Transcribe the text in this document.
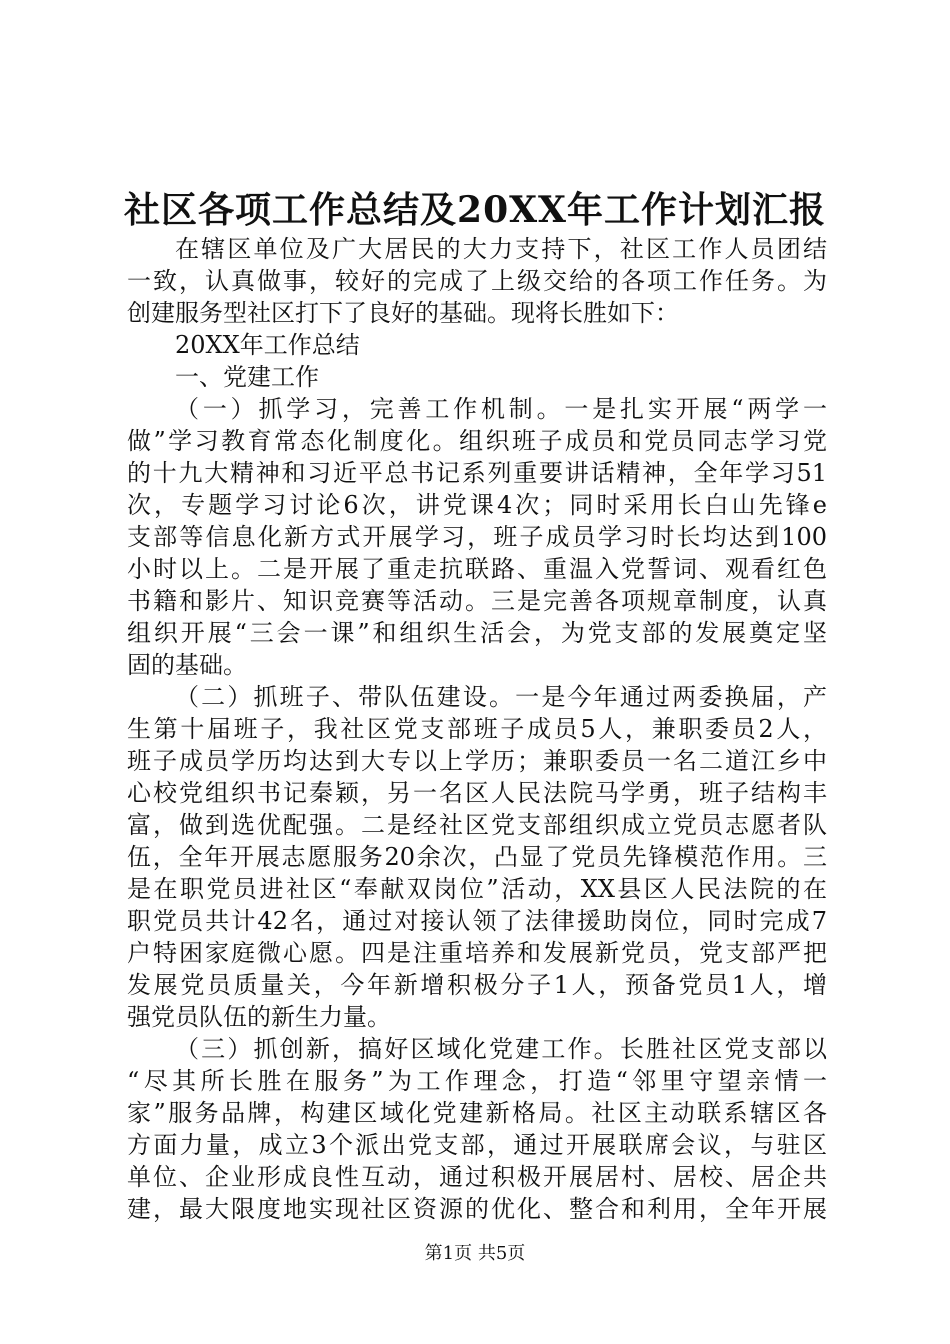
社区各项工作总结及20XX年工作计划汇报

在辖区单位及广大居民的大力支持下，社区工作人员团结

一致，认真做事，较好的完成了上级交给的各项工作任务。为

创建服务型社区打下了良好的基础。现将长胜如下：

20XX年工作总结

一、党建工作

（一）抓学习，完善工作机制。一是扎实开展“两学一

做”学习教育常态化制度化。组织班子成员和党员同志学习党

的十九大精神和习近平总书记系列重要讲话精神，全年学习51

次，专题学习讨论6次，讲党课4次；同时采用长白山先锋e

支部等信息化新方式开展学习，班子成员学习时长均达到100

小时以上。二是开展了重走抗联路、重温入党誓词、观看红色

书籍和影片、知识竞赛等活动。三是完善各项规章制度，认真

组织开展“三会一课”和组织生活会，为党支部的发展奠定坚

固的基础。

（二）抓班子、带队伍建设。一是今年通过两委换届，产

生第十届班子，我社区党支部班子成员5人，兼职委员2人，

班子成员学历均达到大专以上学历；兼职委员一名二道江乡中

心校党组织书记秦颖，另一名区人民法院马学勇，班子结构丰

富，做到选优配强。二是经社区党支部组织成立党员志愿者队

伍，全年开展志愿服务20余次，凸显了党员先锋模范作用。三

是在职党员进社区“奉献双岗位”活动，XX县区人民法院的在

职党员共计42名，通过对接认领了法律援助岗位，同时完成7

户特困家庭微心愿。四是注重培养和发展新党员，党支部严把

发展党员质量关，今年新增积极分子1人，预备党员1人，增

强党员队伍的新生力量。

（三）抓创新，搞好区域化党建工作。长胜社区党支部以

“尽其所长胜在服务”为工作理念，打造“邻里守望亲情一

家”服务品牌，构建区域化党建新格局。社区主动联系辖区各

方面力量，成立3个派出党支部，通过开展联席会议，与驻区

单位、企业形成良性互动，通过积极开展居村、居校、居企共

建，最大限度地实现社区资源的优化、整合和利用，全年开展

第1页 共5页
